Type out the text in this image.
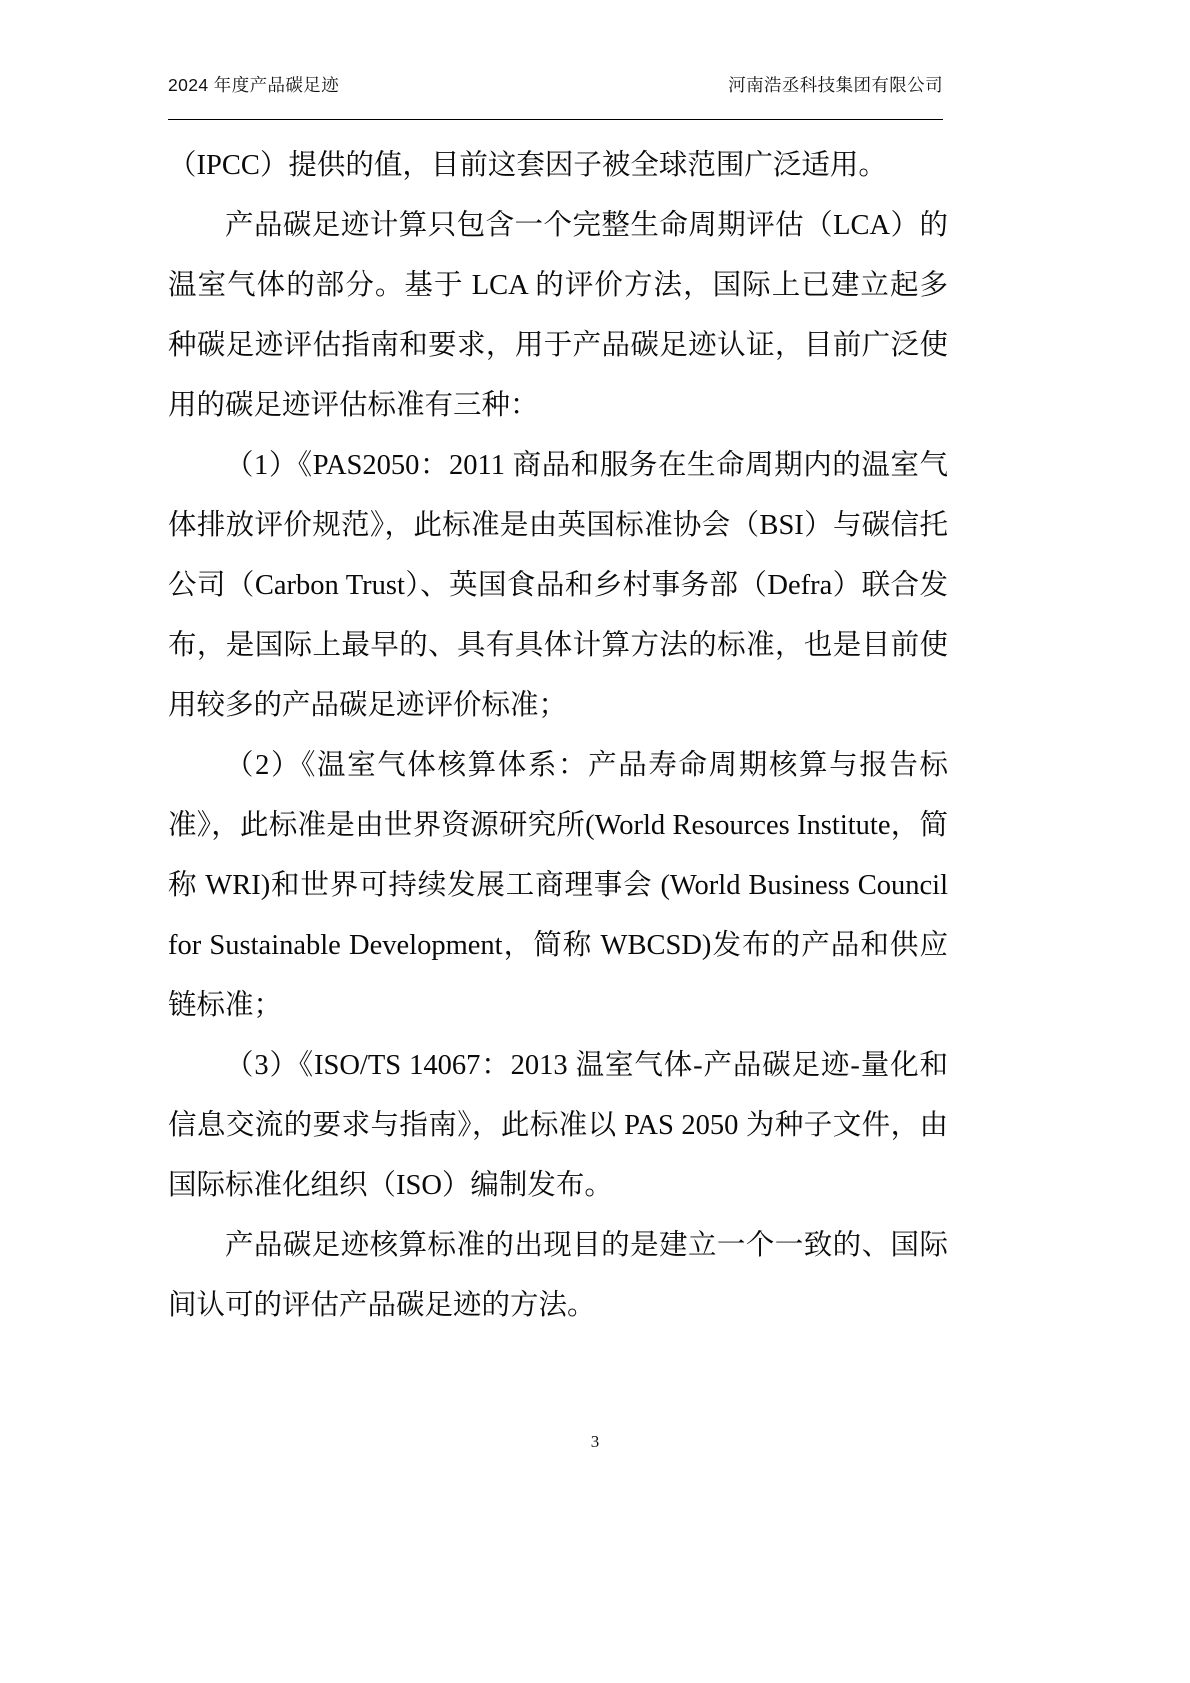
2024 年度产品碳足迹	河南浩丞科技集团有限公司

（IPCC）提供的值，目前这套因子被全球范围广泛适用。

产品碳足迹计算只包含一个完整生命周期评估（LCA）的温室气体的部分。基于 LCA 的评价方法，国际上已建立起多种碳足迹评估指南和要求，用于产品碳足迹认证，目前广泛使用的碳足迹评估标准有三种：

（1）《PAS2050：2011 商品和服务在生命周期内的温室气体排放评价规范》，此标准是由英国标准协会（BSI）与碳信托公司（Carbon Trust）、英国食品和乡村事务部（Defra）联合发布，是国际上最早的、具有具体计算方法的标准，也是目前使用较多的产品碳足迹评价标准；

（2）《温室气体核算体系：产品寿命周期核算与报告标准》，此标准是由世界资源研究所(World Resources Institute，简称 WRI)和世界可持续发展工商理事会 (World Business Council for Sustainable Development，简称 WBCSD)发布的产品和供应链标准；

（3）《ISO/TS 14067：2013 温室气体-产品碳足迹-量化和信息交流的要求与指南》，此标准以 PAS 2050 为种子文件，由国际标准化组织（ISO）编制发布。

产品碳足迹核算标准的出现目的是建立一个一致的、国际间认可的评估产品碳足迹的方法。

3
